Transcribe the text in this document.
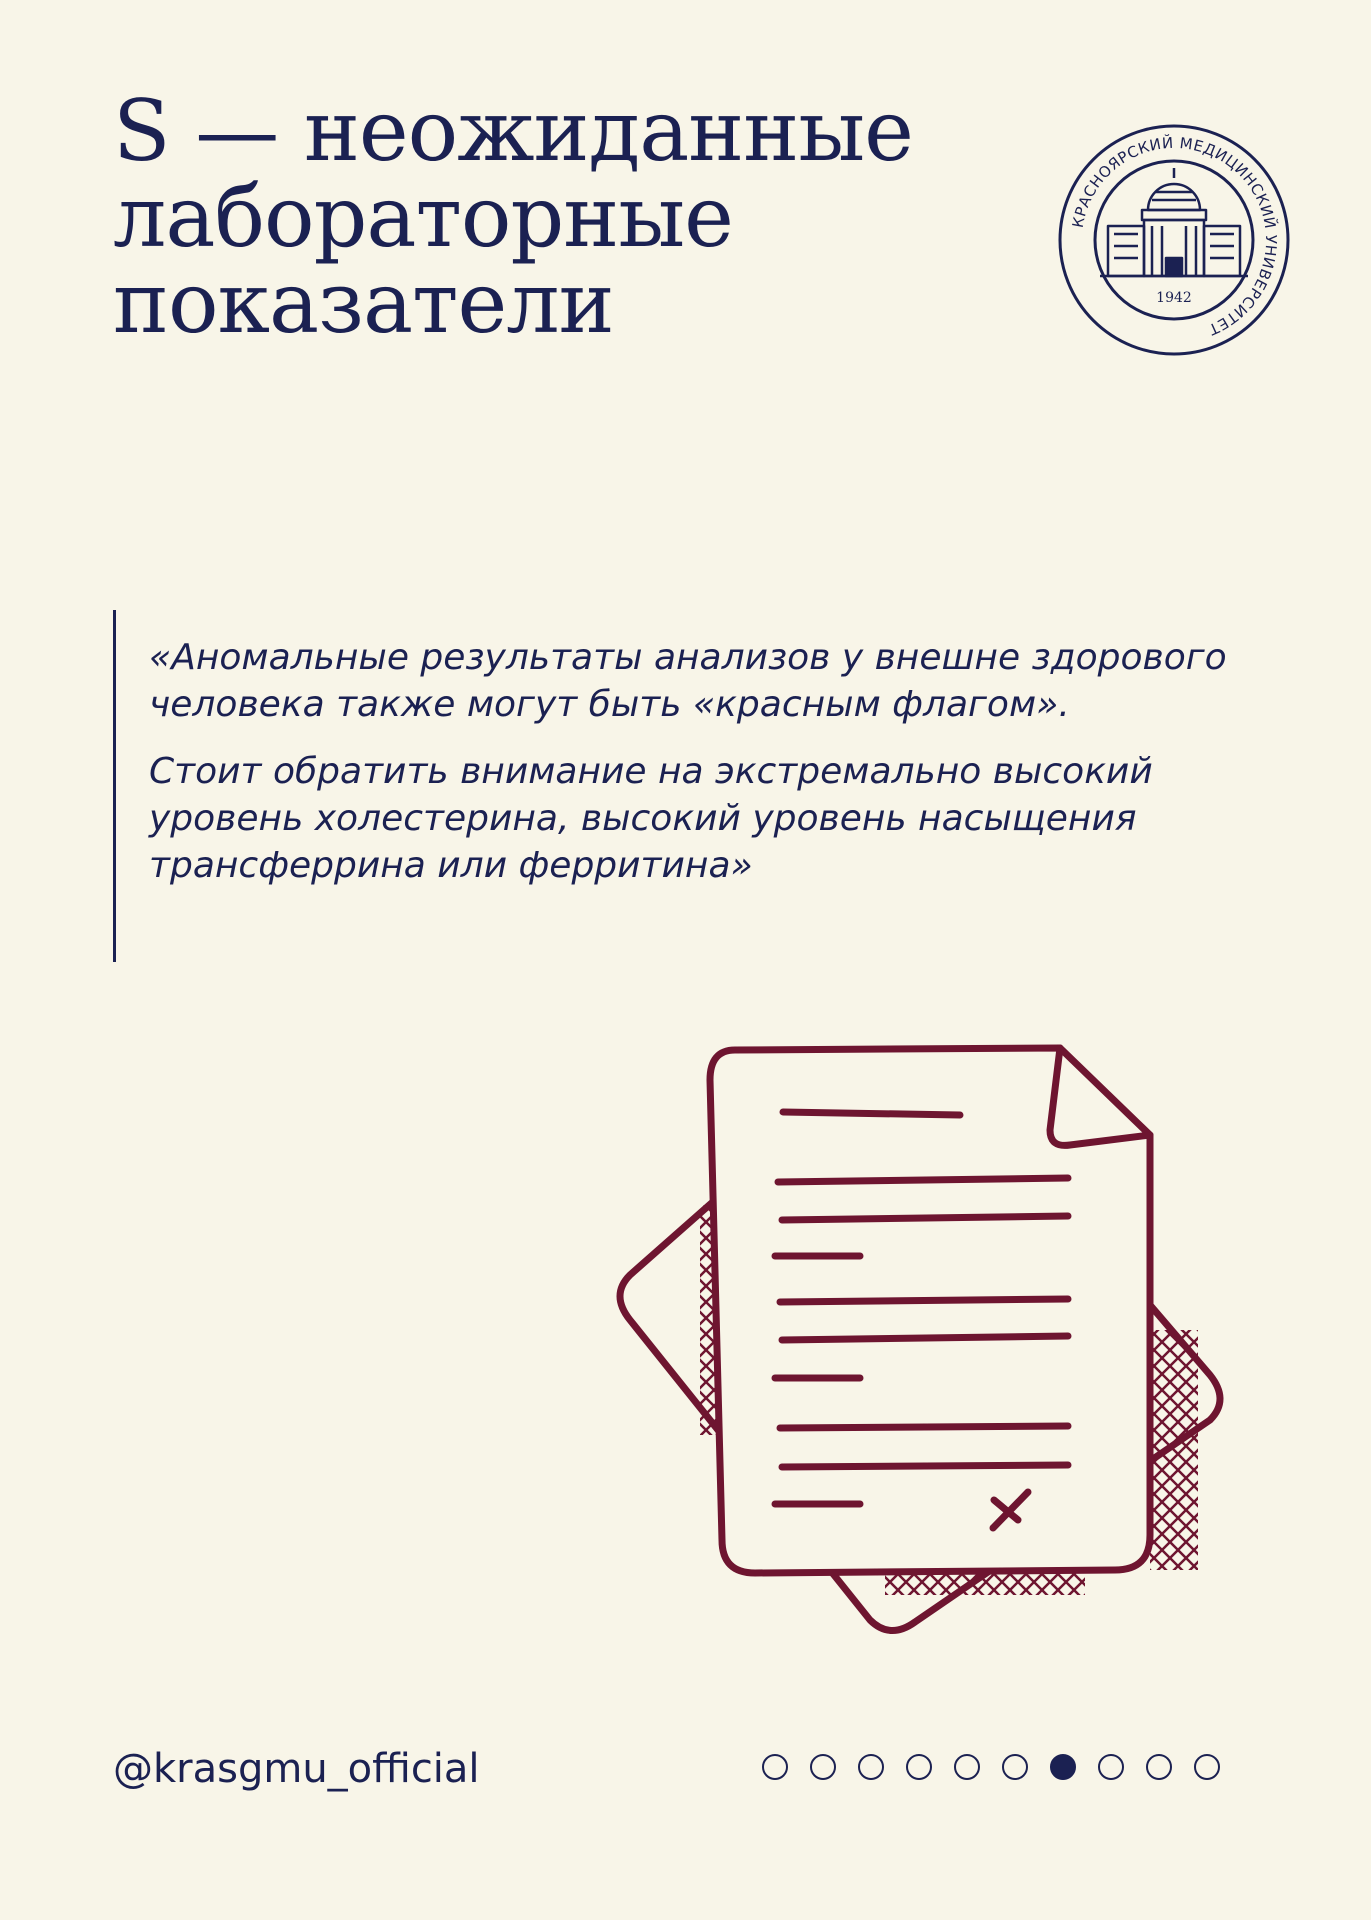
S — неожиданные
лабораторные
показатели
КРАСНОЯРСКИЙ МЕДИЦИНСКИЙ УНИВЕРСИТЕТ
1942

«Аномальные результаты анализов у внешне здорового человека также могут быть «красным флагом».

Стоит обратить внимание на экстремально высокий уровень холестерина, высокий уровень насыщения трансферрина или ферритина»

@krasgmu_official
